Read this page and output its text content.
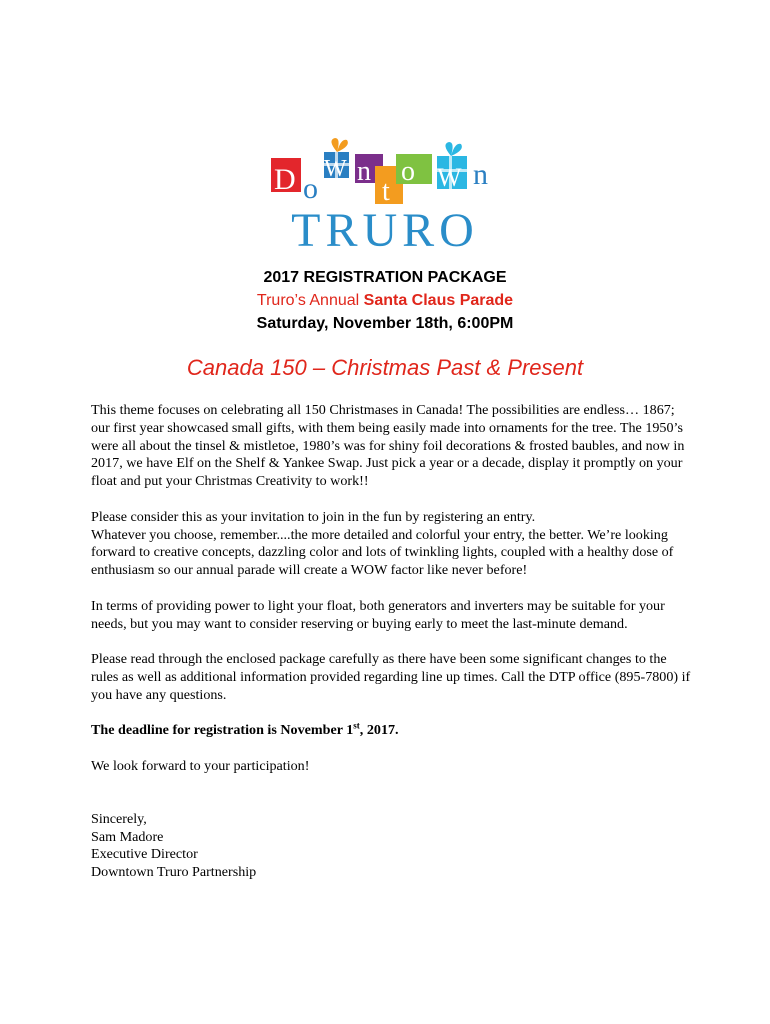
D o
W n
t
o W n
TRURO
2017 REGISTRATION PACKAGE
Truro’s Annual Santa Claus Parade
Saturday, November 18th, 6:00PM
Canada 150 – Christmas Past & Present

This theme focuses on celebrating all 150 Christmases in Canada! The possibilities are endless… 1867; our first year showcased small gifts, with them being easily made into ornaments for the tree. The 1950’s were all about the tinsel & mistletoe, 1980’s was for shiny foil decorations & frosted baubles, and now in 2017, we have Elf on the Shelf & Yankee Swap. Just pick a year or a decade, display it promptly on your float and put your Christmas Creativity to work!!

Please consider this as your invitation to join in the fun by registering an entry.

Whatever you choose, remember....the more detailed and colorful your entry, the better. We’re looking forward to creative concepts, dazzling color and lots of twinkling lights, coupled with a healthy dose of enthusiasm so our annual parade will create a WOW factor like never before!

In terms of providing power to light your float, both generators and inverters may be suitable for your needs, but you may want to consider reserving or buying early to meet the last-minute demand.

Please read through the enclosed package carefully as there have been some significant changes to the rules as well as additional information provided regarding line up times. Call the DTP office (895-7800) if you have any questions.

The deadline for registration is November 1st, 2017.

We look forward to your participation!

Sincerely,
Sam Madore
Executive Director
Downtown Truro Partnership
